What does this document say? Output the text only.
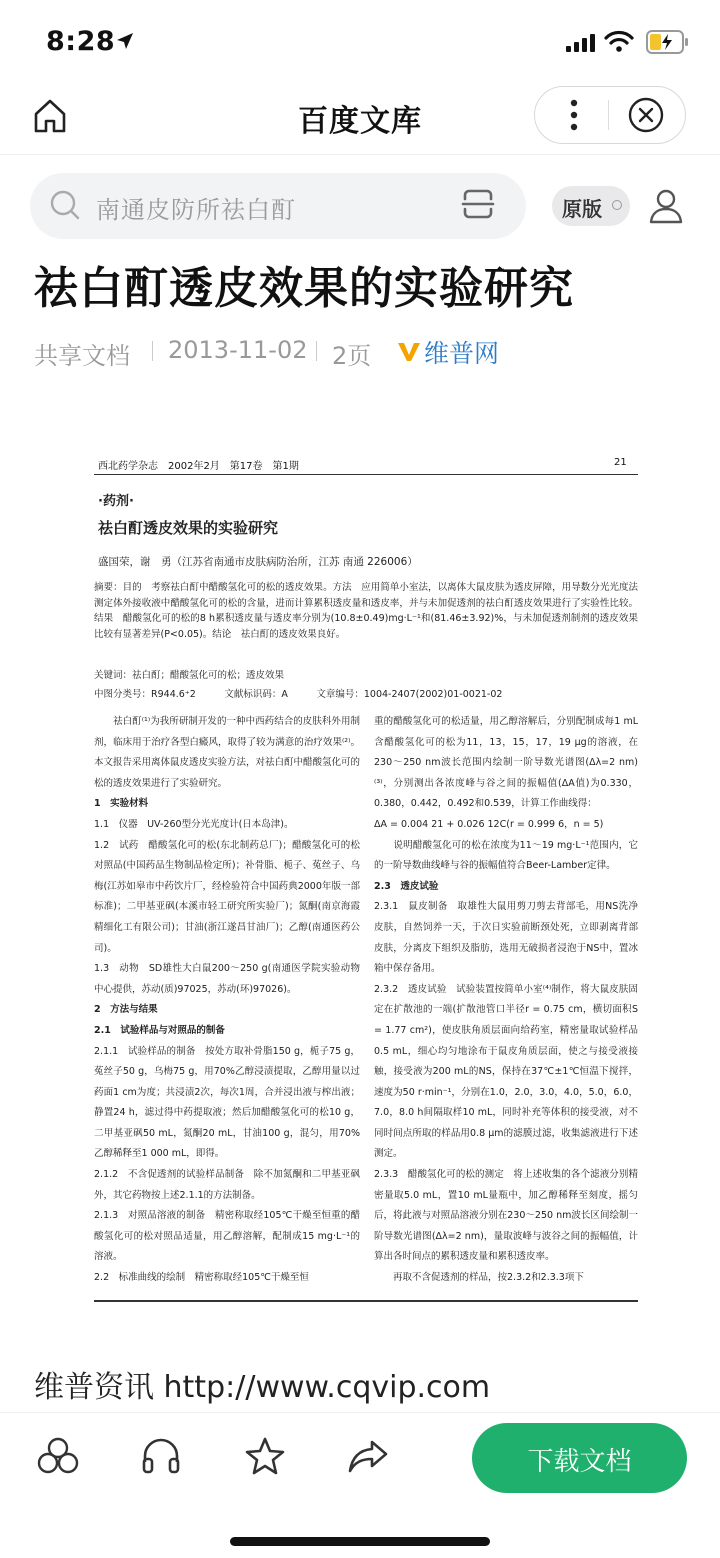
8:28
百度文库
南通皮防所祛白酊	原版
祛白酊透皮效果的实验研究
共享文档 2013-11-02 2页 维普网
西北药学杂志　2002年2月　第17卷　第1期	21
·药剂·
祛白酊透皮效果的实验研究
盛国荣，谢　勇（江苏省南通市皮肤病防治所，江苏 南通 226006）
摘要：目的　考察祛白酊中醋酸氢化可的松的透皮效果。方法　应用简单小室法，以离体大鼠皮肤为透皮屏障，用导数分光光度法测定体外接收液中醋酸氢化可的松的含量，进而计算累积透皮量和透皮率，并与未加促透剂的祛白酊透皮效果进行了实验性比较。结果　醋酸氢化可的松的8 h累积透皮量与透皮率分别为(10.8±0.49)mg·L⁻¹和(81.46±3.92)%，与未加促透剂制剂的透皮效果比较有显著差异(P<0.05)。结论　祛白酊的透皮效果良好。
关键词：祛白酊；醋酸氢化可的松；透皮效果
中图分类号：R944.6⁺2　　　文献标识码：A　　　文章编号：1004-2407(2002)01-0021-02

　　祛白酊⁽¹⁾为我所研制开发的一种中西药结合的皮肤科外用制剂，临床用于治疗各型白癜风，取得了较为满意的治疗效果⁽²⁾。本文报告采用离体鼠皮透皮实验方法，对祛白酊中醋酸氢化可的松的透皮效果进行了实验研究。

1　实验材料

1.1　仪器　UV-260型分光光度计(日本岛津)。

1.2　试药　醋酸氢化可的松(东北制药总厂)；醋酸氢化可的松对照品(中国药品生物制品检定所)；补骨脂、栀子、菟丝子、乌梅(江苏如皋市中药饮片厂，经检验符合中国药典2000年版一部标准)；二甲基亚砜(本溪市轻工研究所实验厂)；氮酮(南京海霞精细化工有限公司)；甘油(浙江遂昌甘油厂)；乙醇(南通医药公司)。

1.3　动物　SD雄性大白鼠200～250 g(南通医学院实验动物中心提供，苏动(质)97025，苏动(环)97026)。

2　方法与结果

2.1　试验样品与对照品的制备

2.1.1　试验样品的制备　按处方取补骨脂150 g，栀子75 g，菟丝子50 g，乌梅75 g，用70%乙醇浸渍提取，乙醇用量以过药面1 cm为度；共浸渍2次，每次1周，合并浸出液与榨出液；静置24 h，滤过得中药提取液；然后加醋酸氢化可的松10 g，二甲基亚砜50 mL，氮酮20 mL，甘油100 g，混匀，用70%乙醇稀释至1 000 mL，即得。

2.1.2　不含促透剂的试验样品制备　除不加氮酮和二甲基亚砜外，其它药物按上述2.1.1的方法制备。

2.1.3　对照品溶液的制备　精密称取经105℃干燥至恒重的醋酸氢化可的松对照品适量，用乙醇溶解，配制成15 mg·L⁻¹的溶液。

2.2　标准曲线的绘制　精密称取经105℃干燥至恒

重的醋酸氢化可的松适量，用乙醇溶解后，分别配制成每1 mL含醋酸氢化可的松为11，13，15，17，19 μg的溶液，在230～250 nm波长范围内绘制一阶导数光谱图(Δλ=2 nm)⁽³⁾，分别测出各浓度峰与谷之间的振幅值(ΔA值)为0.330，0.380，0.442，0.492和0.539，计算工作曲线得：

ΔA = 0.004 21 + 0.026 12C(r = 0.999 6，n = 5)

　　说明醋酸氢化可的松在浓度为11～19 mg·L⁻¹范围内，它的一阶导数曲线峰与谷的振幅值符合Beer-Lamber定律。

2.3　透皮试验

2.3.1　鼠皮制备　取雄性大鼠用剪刀剪去背部毛，用NS洗净皮肤，自然饲养一天，于次日实验前断颈处死，立即剥离背部皮肤，分离皮下组织及脂肪，选用无破损者浸泡于NS中，置冰箱中保存备用。

2.3.2　透皮试验　试验装置按简单小室⁽⁴⁾制作，将大鼠皮肤固定在扩散池的一端(扩散池管口半径r = 0.75 cm，横切面积S = 1.77 cm²)，使皮肤角质层面向给药室，精密量取试验样品0.5 mL，细心均匀地涂布于鼠皮角质层面，使之与接受液接触，接受液为200 mL的NS，保持在37℃±1℃恒温下搅拌，速度为50 r·min⁻¹，分别在1.0，2.0，3.0，4.0，5.0，6.0，7.0，8.0 h间隔取样10 mL，同时补充等体积的接受液，对不同时间点所取的样品用0.8 μm的滤膜过滤，收集滤液进行下述测定。

2.3.3　醋酸氢化可的松的测定　将上述收集的各个滤液分别精密量取5.0 mL，置10 mL量瓶中，加乙醇稀释至刻度，摇匀后，将此液与对照品溶液分别在230～250 nm波长区间绘制一阶导数光谱图(Δλ=2 nm)，量取波峰与波谷之间的振幅值，计算出各时间点的累积透皮量和累积透皮率。

　　再取不含促透剂的样品，按2.3.2和2.3.3项下

维普资讯 http://www.cqvip.com
下载文档
